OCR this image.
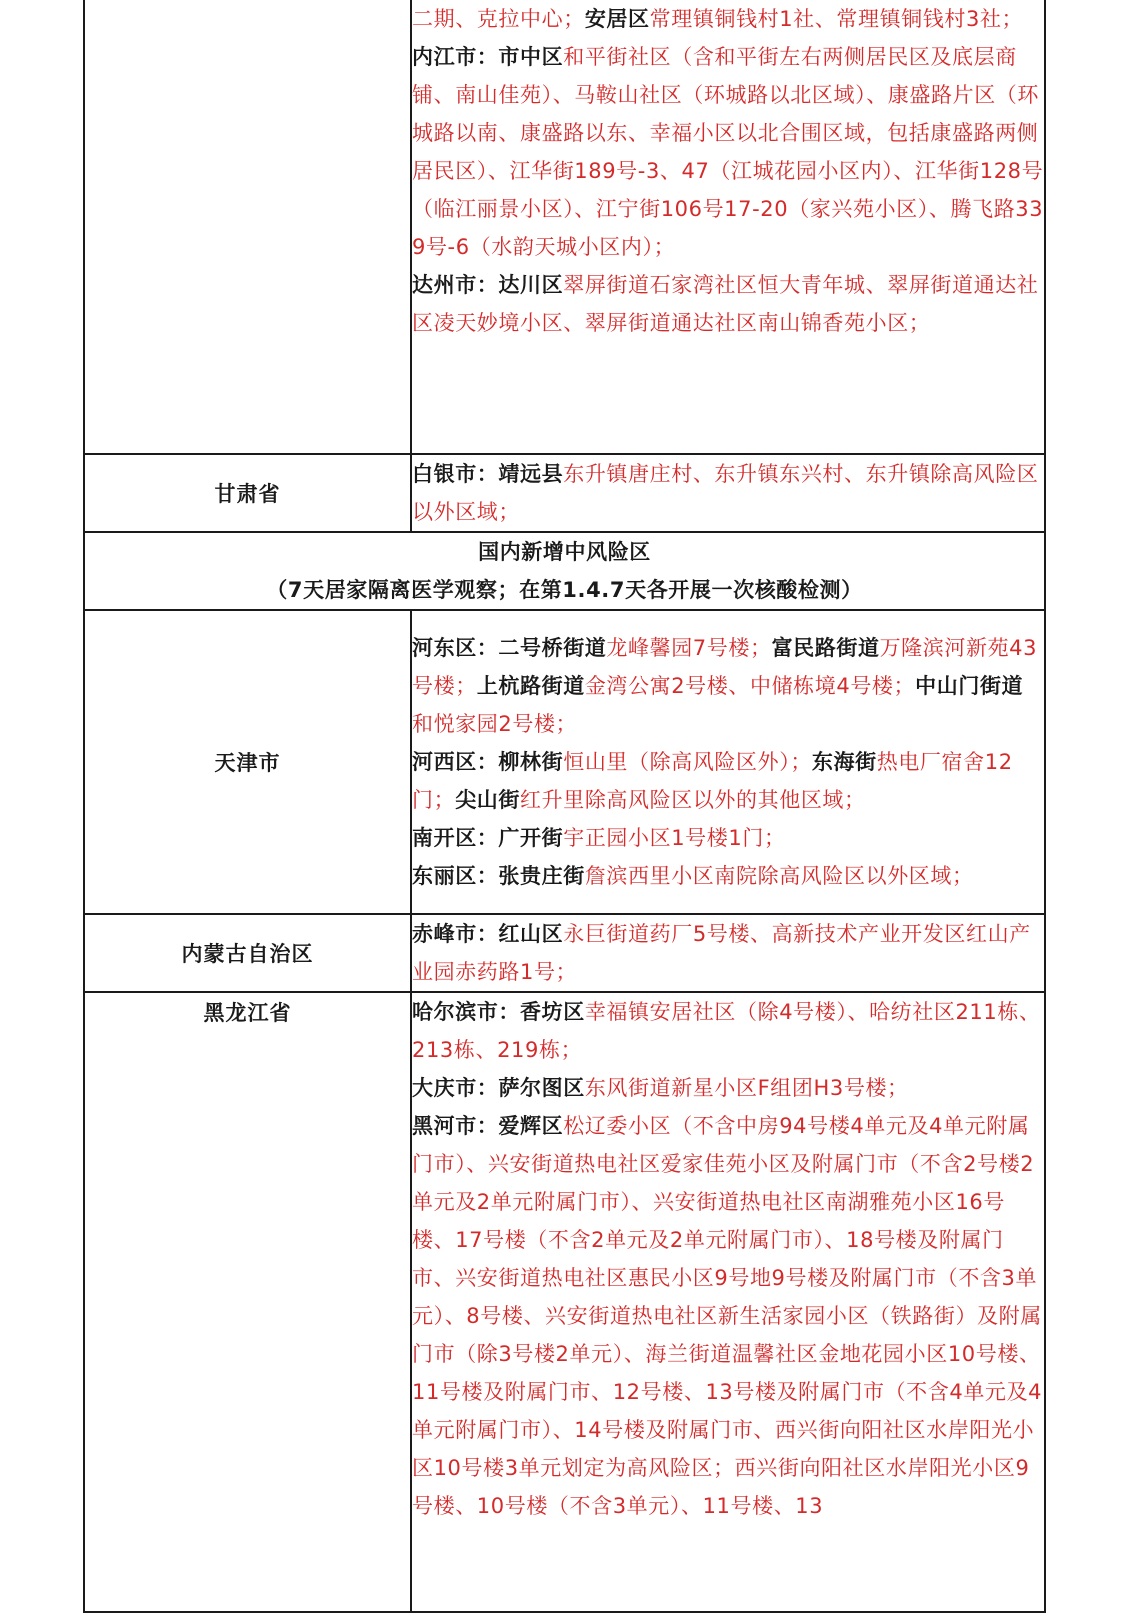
	二期、克拉中心；安居区常理镇铜钱村1社、常理镇铜钱村3社；

内江市：市中区和平街社区（含和平街左右两侧居民区及底层商铺、南山佳苑）、马鞍山社区（环城路以北区域）、康盛路片区（环城路以南、康盛路以东、幸福小区以北合围区域，包括康盛路两侧居民区）、江华街189号-3、47（江城花园小区内）、江华街128号（临江丽景小区）、江宁街106号17-20（家兴苑小区）、腾飞路339号-6（水韵天城小区内）；

达州市：达川区翠屏街道石家湾社区恒大青年城、翠屏街道通达社区凌天妙境小区、翠屏街道通达社区南山锦香苑小区；

甘肃省	白银市：靖远县东升镇唐庄村、东升镇东兴村、东升镇除高风险区以外区域；

国内新增中风险区
（7天居家隔离医学观察；在第1.4.7天各开展一次核酸检测）	

天津市	河东区：二号桥街道龙峰馨园7号楼；富民路街道万隆滨河新苑43号楼；上杭路街道金湾公寓2号楼、中储栋境4号楼；中山门街道和悦家园2号楼；

河西区：柳林街恒山里（除高风险区外）；东海街热电厂宿舍12门；尖山街红升里除高风险区以外的其他区域；

南开区：广开街宇正园小区1号楼1门；

东丽区：张贵庄街詹滨西里小区南院除高风险区以外区域；

内蒙古自治区	赤峰市：红山区永巨街道药厂5号楼、高新技术产业开发区红山产业园赤药路1号；

黑龙江省	哈尔滨市：香坊区幸福镇安居社区（除4号楼）、哈纺社区211栋、213栋、219栋；

大庆市：萨尔图区东风街道新星小区F组团H3号楼；

黑河市：爱辉区松辽委小区（不含中房94号楼4单元及4单元附属门市）、兴安街道热电社区爱家佳苑小区及附属门市（不含2号楼2单元及2单元附属门市）、兴安街道热电社区南湖雅苑小区16号楼、17号楼（不含2单元及2单元附属门市）、18号楼及附属门市、兴安街道热电社区惠民小区9号地9号楼及附属门市（不含3单元）、8号楼、兴安街道热电社区新生活家园小区（铁路街）及附属门市（除3号楼2单元）、海兰街道温馨社区金地花园小区10号楼、11号楼及附属门市、12号楼、13号楼及附属门市（不含4单元及4单元附属门市）、14号楼及附属门市、西兴街向阳社区水岸阳光小区10号楼3单元划定为高风险区；西兴街向阳社区水岸阳光小区9号楼、10号楼（不含3单元）、11号楼、13
